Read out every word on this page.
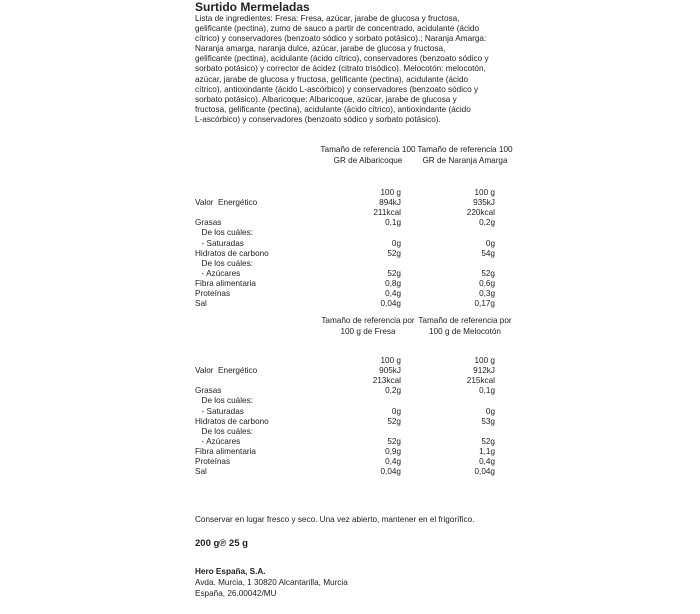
Surtido Mermeladas
Lista de ingredientes: Fresa: Fresa, azúcar, jarabe de glucosa y fructosa,
gelificante (pectina), zumo de sauco a partir de concentrado, acidulante (ácido
cítrico) y conservadores (benzoato sódico y sorbato potásico).; Naranja Amarga:
Naranja amarga, naranja dulce, azúcar, jarabe de glucosa y fructosa,
gelificante (pectina), acidulante (ácido cítrico), conservadores (benzoato sódico y
sorbato potásico) y corrector de ácidez (citrato trisódico). Melocotón: melocotón,
azúcar, jarabe de glucosa y fructosa, gelificante (pectina), acidulante (ácido
cítrico), antioxindante (ácido L-ascórbico) y conservadores (benzoato sódico y
sorbato potásico). Albaricoque: Albaricoque, azúcar, jarabe de glucosa y
fructosa, gelificante (pectina), acidulante (ácido cítrico), antioxindante (ácido
L-ascórbico) y conservadores (benzoato sódico y sorbato potásico).
Tamaño de referencia 100 Tamaño de referencia 100
GR de Albaricoque	GR de Naranja Amarga
100 g	100 g
Valor  Energético	894kJ	935kJ
211kcal	220kcal
Grasas	0,1g	0,2g
De los cuáles:
- Saturadas	0g	0g
Hidratos de carbono	52g	54g
De los cuáles:
- Azúcares	52g	52g
Fibra alimentaria	0,8g	0,6g
Proteínas	0,4g	0,3g
Sal	0,04g	0,17g
Tamaño de referencia por Tamaño de referencia por
100 g de Fresa	100 g de Melocotón
100 g	100 g
Valor  Energético	905kJ	912kJ
213kcal	215kcal
Grasas	0,2g	0,1g
De los cuáles:
- Saturadas	0g	0g
Hidratos de carbono	52g	53g
De los cuáles:
- Azúcares	52g	52g
Fibra alimentaria	0,9g	1,1g
Proteínas	0,4g	0,4g
Sal	0,04g	0,04g
Conservar en lugar fresco y seco. Una vez abierto, mantener en el frigorífico.
200 g℗ 25 g
Hero España, S.A.
Avda. Murcia, 1 30820 Alcantarilla, Murcia
España, 26.00042/MU
